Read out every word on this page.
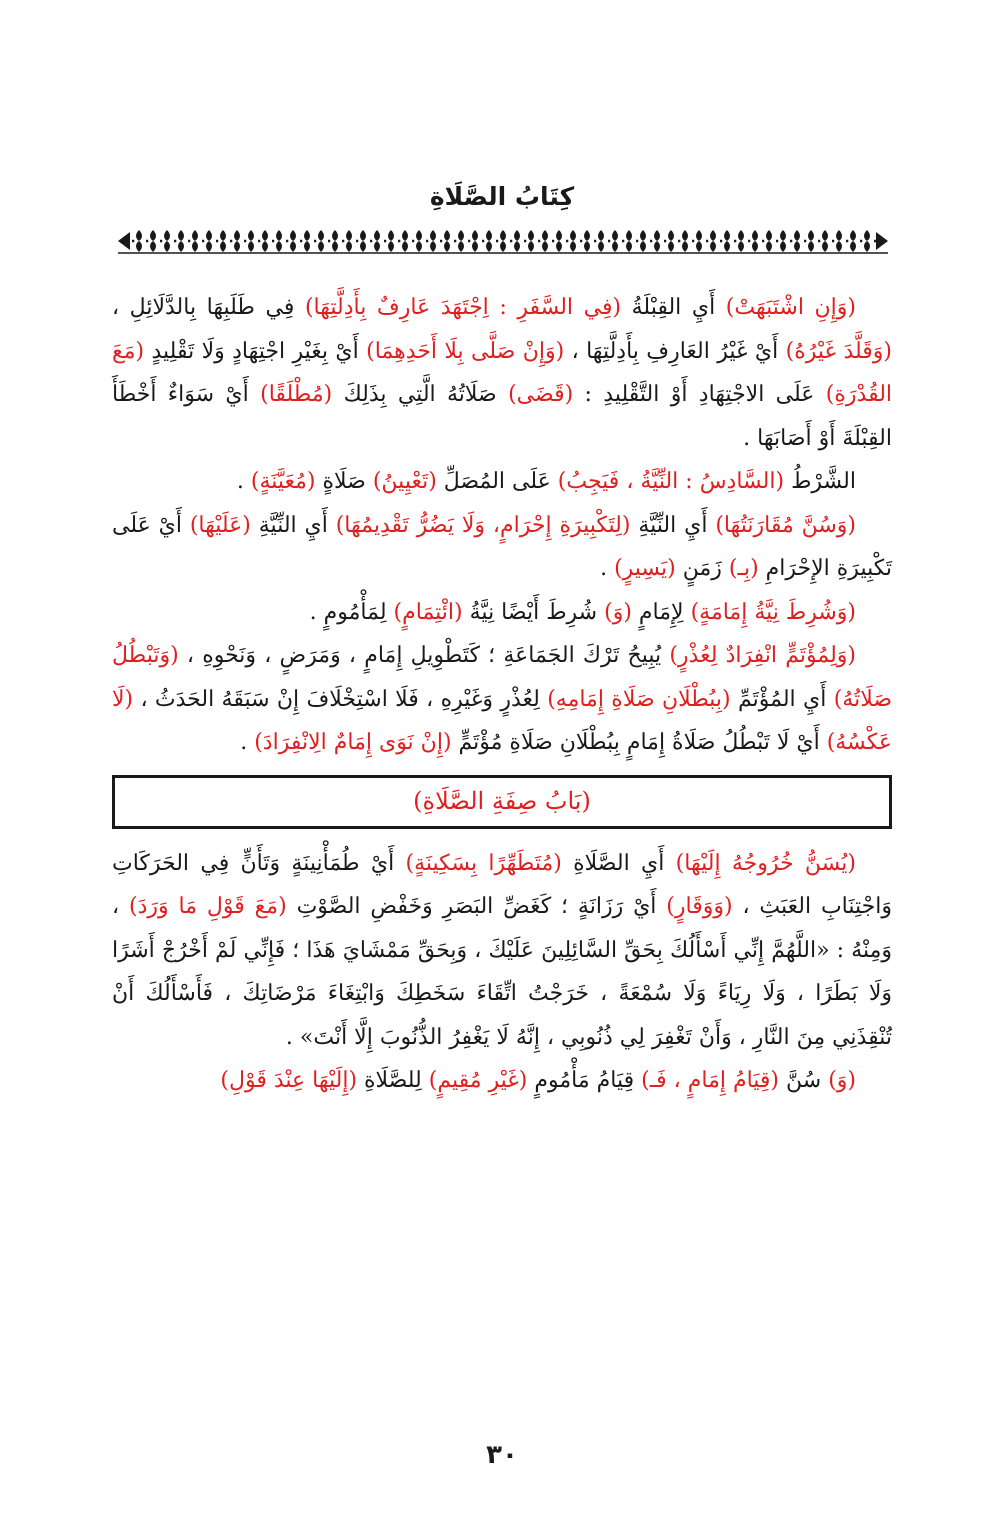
كِتَابُ الصَّلَاةِ

(وَإِنِ اشْتَبَهَتْ) أَيِ القِبْلَةُ (فِي السَّفَرِ : اِجْتَهَدَ عَارِفٌ بِأَدِلَّتِهَا) فِي طَلَبِهَا بِالدَّلَائِلِ ، (وَقَلَّدَ غَيْرُهُ) أَيْ غَيْرُ العَارِفِ بِأَدِلَّتِهَا ، (وَإِنْ صَلَّى بِلَا أَحَدِهِمَا) أَيْ بِغَيْرِ اجْتِهَادٍ وَلَا تَقْلِيدٍ (مَعَ القُدْرَةِ) عَلَى الاجْتِهَادِ أَوْ التَّقْلِيدِ : (قَضَى) صَلَاتُهُ الَّتِي بِذَلِكَ (مُطْلَقًا) أَيْ سَوَاءٌ أَخْطَأَ القِبْلَةَ أَوْ أَصَابَهَا .

الشَّرْطُ (السَّادِسُ : النِّيَّةُ ، فَيَجِبُ) عَلَى المُصَلِّ (تَعْيِينُ) صَلَاةٍ (مُعَيَّنَةٍ) .

(وَسُنَّ مُقَارَنَتُهَا) أَيِ النِّيَّةِ (لِتَكْبِيرَةِ إِحْرَامٍ، وَلَا يَضُرُّ تَقْدِيمُهَا) أَيِ النِّيَّةِ (عَلَيْهَا) أَيْ عَلَى تَكْبِيرَةِ الإِحْرَامِ (بِـ) زَمَنٍ (يَسِيرٍ) .

(وَشُرِطَ نِيَّةُ إِمَامَةٍ) لِإِمَامٍ (وَ) شُرِطَ أَيْضًا نِيَّةُ (ائْتِمَامٍ) لِمَأْمُومٍ .

(وَلِمُؤْتَمٍّ انْفِرَادٌ لِعُذْرٍ) يُبِيحُ تَرْكَ الجَمَاعَةِ ؛ كَتَطْوِيلِ إِمَامٍ ، وَمَرَضٍ ، وَنَحْوِهِ ، (وَتَبْطُلُ صَلَاتُهُ) أَيِ المُؤْتَمِّ (بِبُطْلَانِ صَلَاةِ إِمَامِهِ) لِعُذْرٍ وَغَيْرِهِ ، فَلَا اسْتِخْلَافَ إِنْ سَبَقَهُ الحَدَثُ ، (لَا عَكْسُهُ) أَيْ لَا تَبْطُلُ صَلَاةُ إِمَامٍ بِبُطْلَانِ صَلَاةِ مُؤْتَمٍّ (إِنْ نَوَى إِمَامٌ الِانْفِرَادَ) .

(بَابُ صِفَةِ الصَّلَاةِ)

(يُسَنُّ خُرُوجُهُ إِلَيْهَا) أَيِ الصَّلَاةِ (مُتَطَهِّرًا بِسَكِينَةٍ) أَيْ طُمَأْنِينَةٍ وَتَأَنٍّ فِي الحَرَكَاتِ وَاجْتِنَابِ العَبَثِ ، (وَوَقَارٍ) أَيْ رَزَانَةٍ ؛ كَغَضِّ البَصَرِ وَخَفْضِ الصَّوْتِ (مَعَ قَوْلِ مَا وَرَدَ) ، وَمِنْهُ : «اللَّهُمَّ إِنِّي أَسْأَلُكَ بِحَقِّ السَّائِلِينَ عَلَيْكَ ، وَبِحَقِّ مَمْشَايَ هَذَا ؛ فَإِنِّي لَمْ أَخْرُجْ أَشَرًا وَلَا بَطَرًا ، وَلَا رِيَاءً وَلَا سُمْعَةً ، خَرَجْتُ اتِّقَاءَ سَخَطِكَ وَابْتِغَاءَ مَرْضَاتِكَ ، فَأَسْأَلُكَ أَنْ تُنْقِذَنِي مِنَ النَّارِ ، وَأَنْ تَغْفِرَ لِي ذُنُوبِي ، إِنَّهُ لَا يَغْفِرُ الذُّنُوبَ إِلَّا أَنْتَ» .

(وَ) سُنَّ (قِيَامُ إِمَامٍ ، فَـ) قِيَامُ مَأْمُومٍ (غَيْرِ مُقِيمٍ) لِلصَّلَاةِ (إِلَيْهَا عِنْدَ قَوْلِ)

٣٠
